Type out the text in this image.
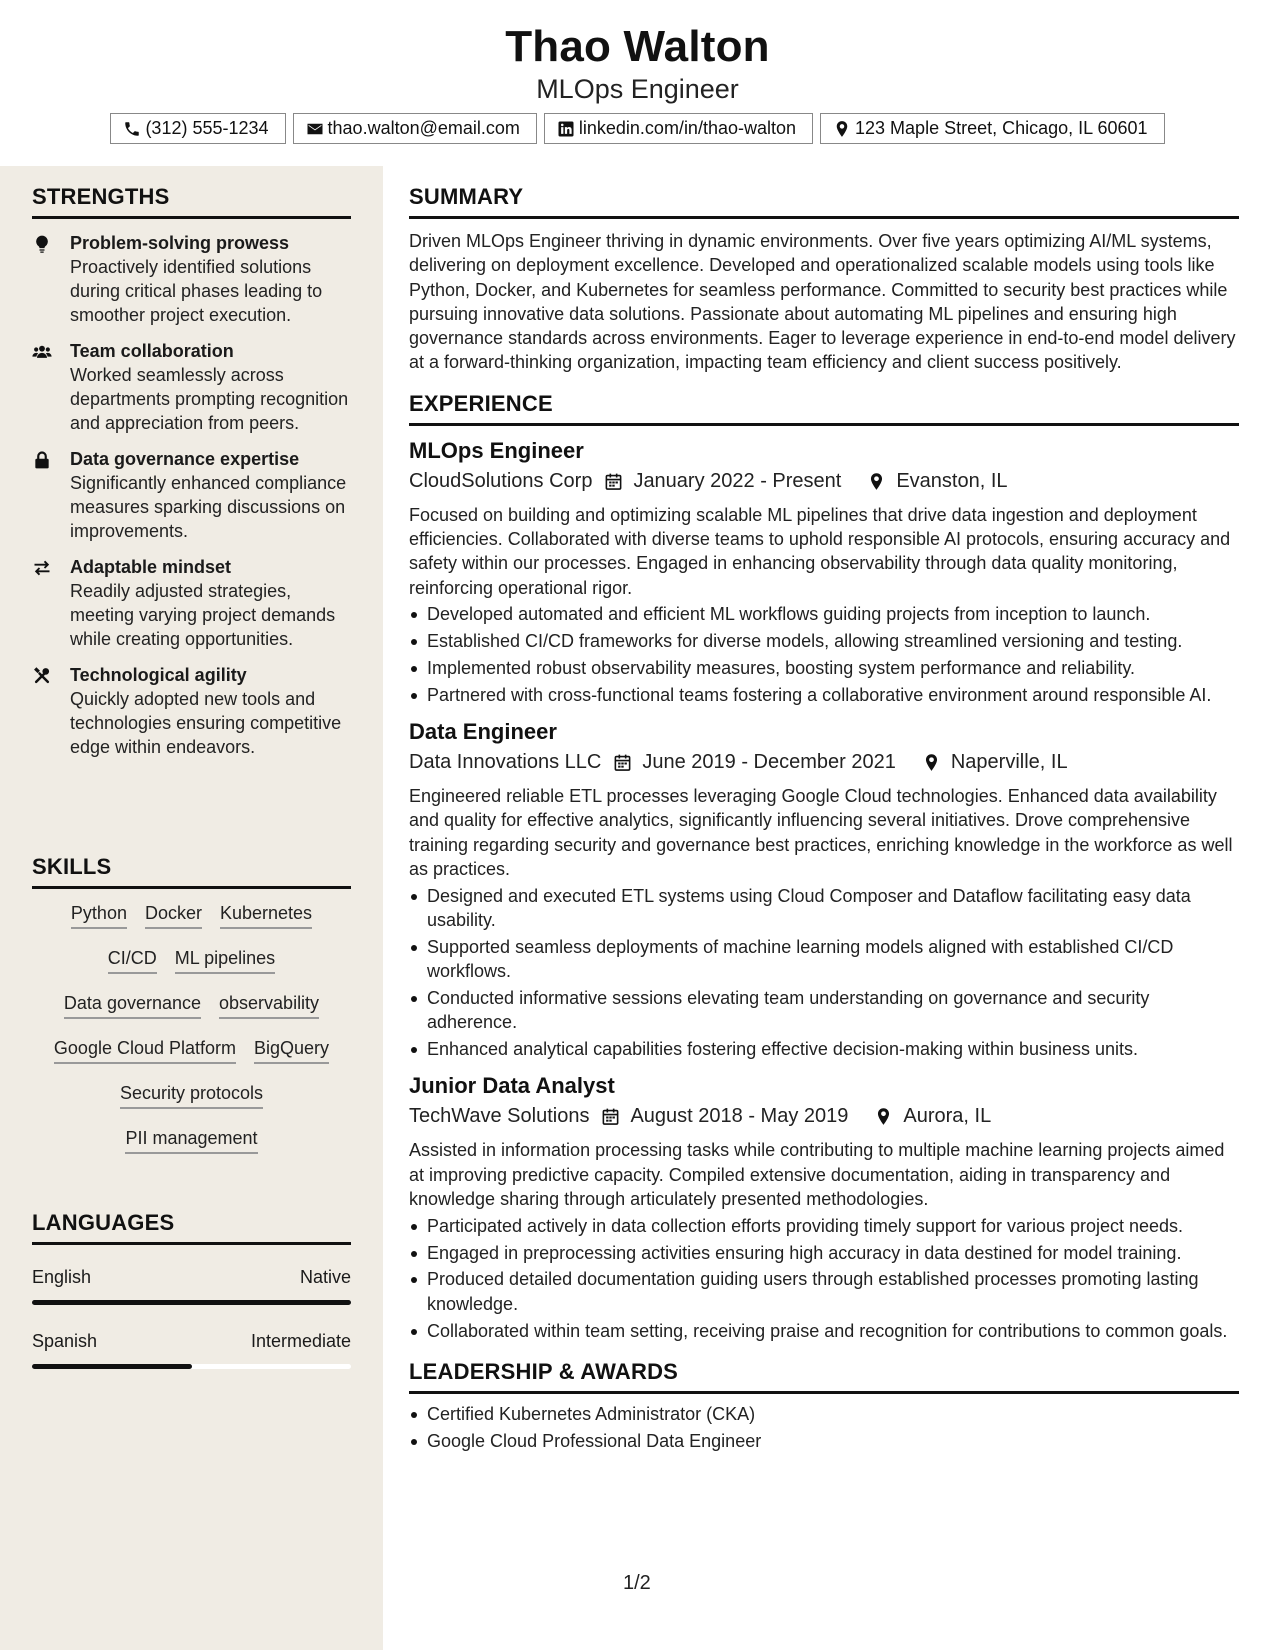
Thao Walton
MLOps Engineer
(312) 555-1234	thao.walton@email.com	linkedin.com/in/thao-walton	123 Maple Street, Chicago, IL 60601
STRENGTHS
Problem-solving prowess
Proactively identified solutions during critical phases leading to smoother project execution.
Team collaboration
Worked seamlessly across departments prompting recognition and appreciation from peers.
Data governance expertise
Significantly enhanced compliance measures sparking discussions on improvements.
Adaptable mindset
Readily adjusted strategies, meeting varying project demands while creating opportunities.
Technological agility
Quickly adopted new tools and technologies ensuring competitive edge within endeavors.
SKILLS
Python Docker Kubernetes
CI/CD ML pipelines
Data governance observability
Google Cloud Platform BigQuery
Security protocols
PII management
LANGUAGES
English	Native
Spanish	Intermediate
SUMMARY
Driven MLOps Engineer thriving in dynamic environments. Over five years optimizing AI/ML systems, delivering on deployment excellence. Developed and operationalized scalable models using tools like Python, Docker, and Kubernetes for seamless performance. Committed to security best practices while pursuing innovative data solutions. Passionate about automating ML pipelines and ensuring high governance standards across environments. Eager to leverage experience in end-to-end model delivery at a forward-thinking organization, impacting team efficiency and client success positively.
EXPERIENCE
MLOps Engineer
CloudSolutions Corp January 2022 - Present	Evanston, IL
Focused on building and optimizing scalable ML pipelines that drive data ingestion and deployment efficiencies. Collaborated with diverse teams to uphold responsible AI protocols, ensuring accuracy and safety within our processes. Engaged in enhancing observability through data quality monitoring, reinforcing operational rigor.
Developed automated and efficient ML workflows guiding projects from inception to launch.
Established CI/CD frameworks for diverse models, allowing streamlined versioning and testing.
Implemented robust observability measures, boosting system performance and reliability.
Partnered with cross-functional teams fostering a collaborative environment around responsible AI.
Data Engineer
Data Innovations LLC June 2019 - December 2021	Naperville, IL
Engineered reliable ETL processes leveraging Google Cloud technologies. Enhanced data availability and quality for effective analytics, significantly influencing several initiatives. Drove comprehensive training regarding security and governance best practices, enriching knowledge in the workforce as well as practices.
Designed and executed ETL systems using Cloud Composer and Dataflow facilitating easy data usability.
Supported seamless deployments of machine learning models aligned with established CI/CD workflows.
Conducted informative sessions elevating team understanding on governance and security adherence.
Enhanced analytical capabilities fostering effective decision-making within business units.
Junior Data Analyst
TechWave Solutions August 2018 - May 2019	Aurora, IL
Assisted in information processing tasks while contributing to multiple machine learning projects aimed at improving predictive capacity. Compiled extensive documentation, aiding in transparency and knowledge sharing through articulately presented methodologies.
Participated actively in data collection efforts providing timely support for various project needs.
Engaged in preprocessing activities ensuring high accuracy in data destined for model training.
Produced detailed documentation guiding users through established processes promoting lasting knowledge.
Collaborated within team setting, receiving praise and recognition for contributions to common goals.
LEADERSHIP & AWARDS
Certified Kubernetes Administrator (CKA)
Google Cloud Professional Data Engineer
1/2
